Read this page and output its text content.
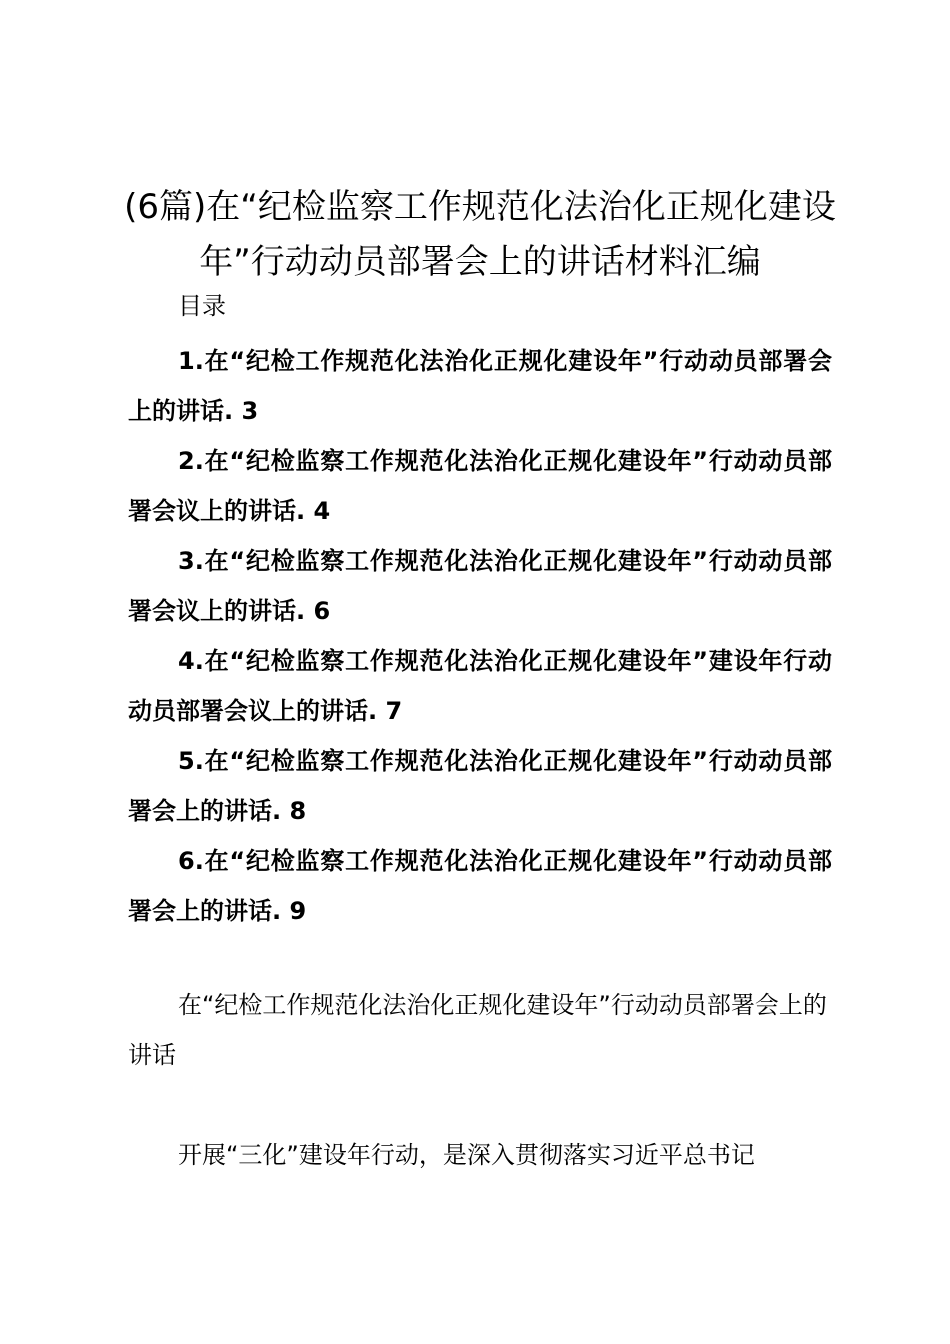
(6篇)在“纪检监察工作规范化法治化正规化建设年”行动动员部署会上的讲话材料汇编
目录
1.在“纪检工作规范化法治化正规化建设年”行动动员部署会上的讲话. 3
2.在“纪检监察工作规范化法治化正规化建设年”行动动员部署会议上的讲话. 4
3.在“纪检监察工作规范化法治化正规化建设年”行动动员部署会议上的讲话. 6
4.在“纪检监察工作规范化法治化正规化建设年”建设年行动动员部署会议上的讲话. 7
5.在“纪检监察工作规范化法治化正规化建设年”行动动员部署会上的讲话. 8
6.在“纪检监察工作规范化法治化正规化建设年”行动动员部署会上的讲话. 9

在“纪检工作规范化法治化正规化建设年”行动动员部署会上的讲话

开展“三化”建设年行动，是深入贯彻落实习近平总书记
